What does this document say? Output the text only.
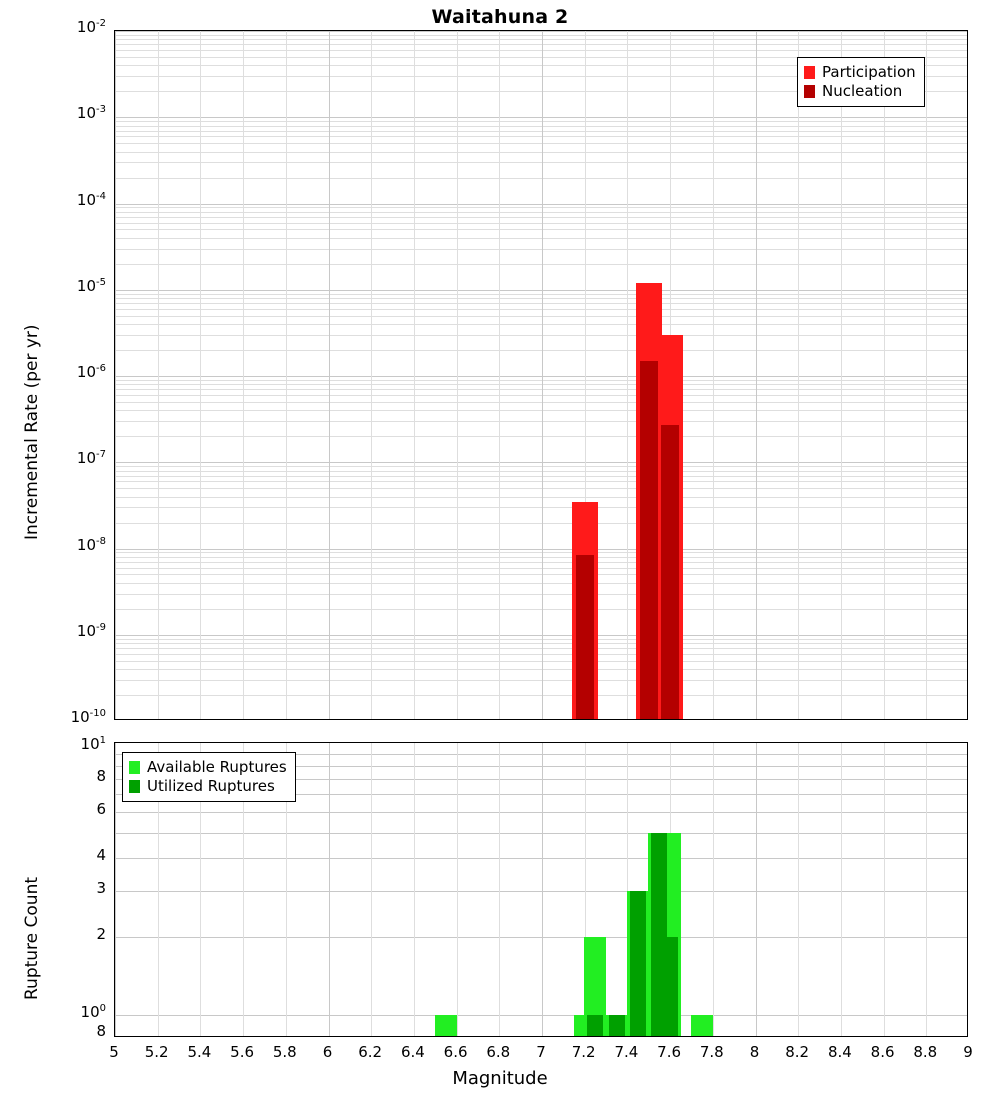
Waitahuna 2
Incremental Rate (per yr)
$10^{-2}$
$10^{-3}$
$10^{-4}$
$10^{-5}$
$10^{-6}$
$10^{-7}$
$10^{-8}$
$10^{-9}$
$10^{-10}$
Participation
Nucleation
Rupture Count
$10^1$
8
6
4
3
2
$10^0$
8
Available Ruptures
Utilized Ruptures
5	5.2	5.4	5.6	5.8	6	6.2	6.4	6.6	6.8	7	7.2	7.4	7.6	7.8	8	8.2	8.4	8.6	8.8	9
Magnitude
